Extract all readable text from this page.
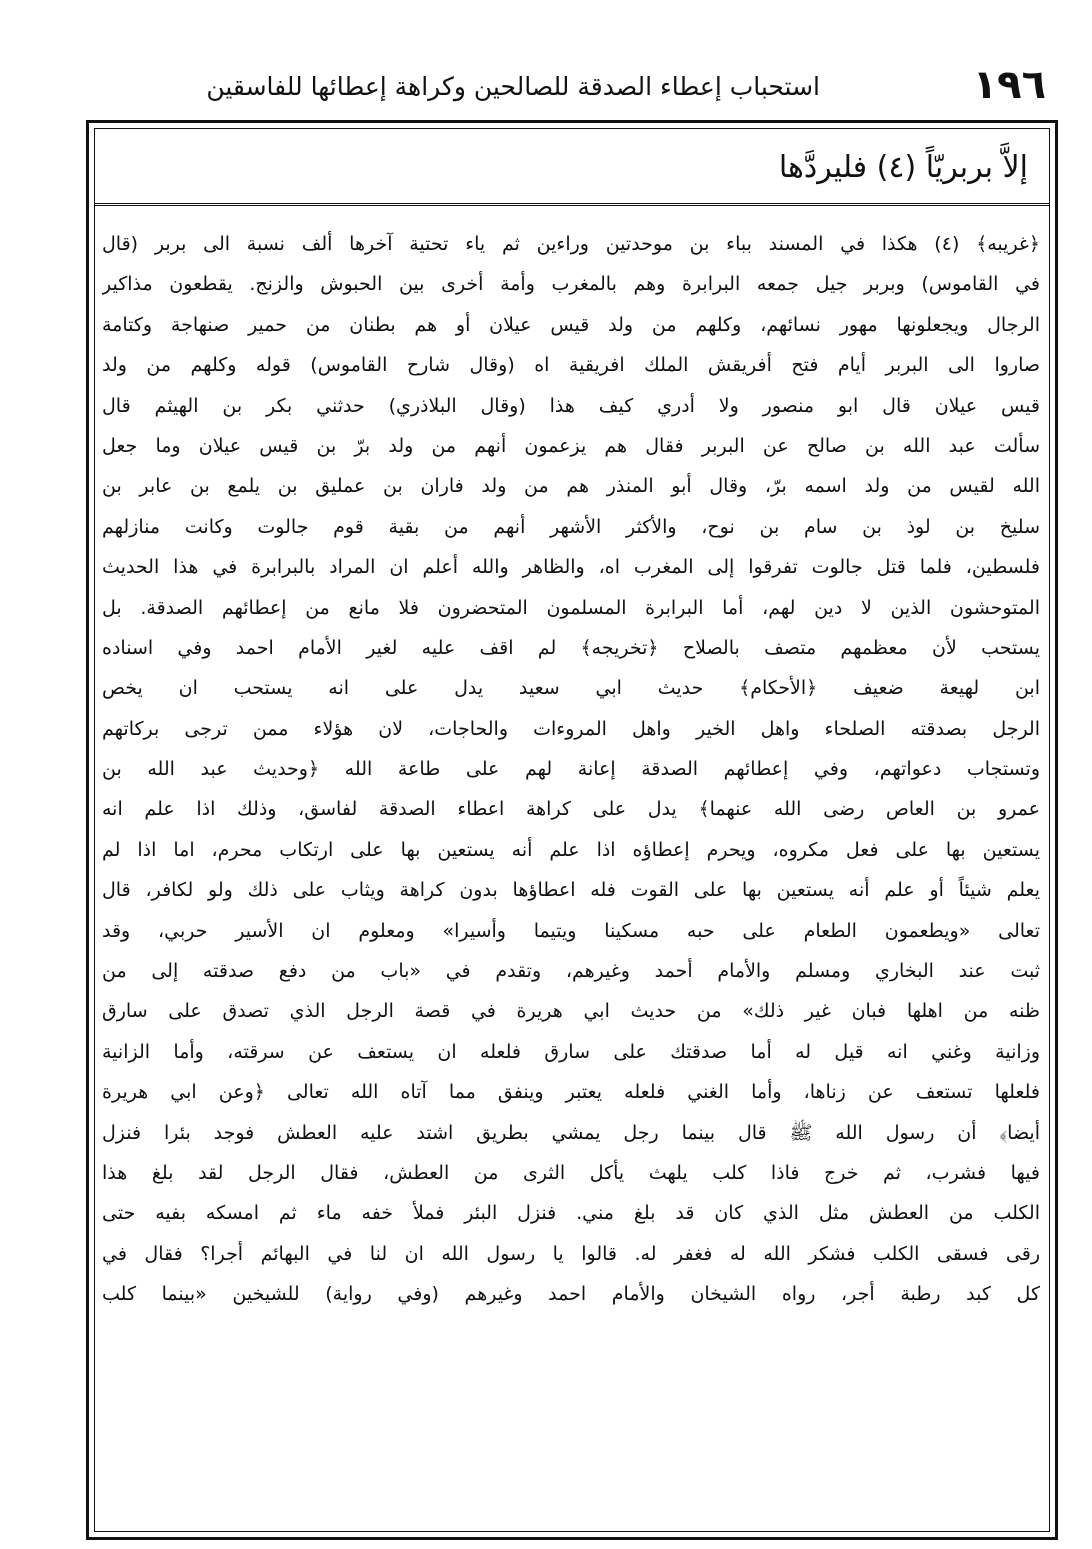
١٩٦
استحباب إعطاء الصدقة للصالحين وكراهة إعطائها للفاسقين
إلاَّ بربريّاً (٤) فليردَّها
﴿غريبه﴾ (٤) هكذا في المسند بباء بن موحدتين وراءين ثم ياء تحتية آخرها ألف نسبة الى بربر (قال
في القاموس) وبربر جيل جمعه البرابرة وهم بالمغرب وأمة أخرى بين الحبوش والزنج. يقطعون مذاكير
الرجال ويجعلونها مهور نسائهم، وكلهم من ولد قيس عيلان أو هم بطنان من حمير صنهاجة وكتامة
صاروا الى البربر أيام فتح أفريقش الملك افريقية اه (وقال شارح القاموس) قوله وكلهم من ولد
قيس عيلان قال ابو منصور ولا أدري كيف هذا (وقال البلاذري) حدثني بكر بن الهيثم قال
سألت عبد الله بن صالح عن البربر فقال هم يزعمون أنهم من ولد برّ بن قيس عيلان وما جعل
الله لقيس من ولد اسمه برّ، وقال أبو المنذر هم من ولد فاران بن عمليق بن يلمع بن عابر بن
سليخ بن لوذ بن سام بن نوح، والأكثر الأشهر أنهم من بقية قوم جالوت وكانت منازلهم
فلسطين، فلما قتل جالوت تفرقوا إلى المغرب اه، والظاهر والله أعلم ان المراد بالبرابرة في هذا الحديث
المتوحشون الذين لا دين لهم، أما البرابرة المسلمون المتحضرون فلا مانع من إعطائهم الصدقة. بل
يستحب لأن معظمهم متصف بالصلاح ﴿تخريجه﴾ لم اقف عليه لغير الأمام احمد وفي اسناده
ابن لهيعة ضعيف ﴿الأحكام﴾ حديث ابي سعيد يدل على انه يستحب ان يخص
الرجل بصدقته الصلحاء واهل الخير واهل المروءات والحاجات، لان هؤلاء ممن ترجى بركاتهم
وتستجاب دعواتهم، وفي إعطائهم الصدقة إعانة لهم على طاعة الله ﴿وحديث عبد الله بن
عمرو بن العاص رضى الله عنهما﴾ يدل على كراهة اعطاء الصدقة لفاسق، وذلك اذا علم انه
يستعين بها على فعل مكروه، ويحرم إعطاؤه اذا علم أنه يستعين بها على ارتكاب محرم، اما اذا لم
يعلم شيئاً أو علم أنه يستعين بها على القوت فله اعطاؤها بدون كراهة ويثاب على ذلك ولو لكافر، قال
تعالى «ويطعمون الطعام على حبه مسكينا ويتيما وأسيرا» ومعلوم ان الأسير حربي، وقد
ثبت عند البخاري ومسلم والأمام أحمد وغيرهم، وتقدم في «باب من دفع صدقته إلى من
ظنه من اهلها فبان غير ذلك» من حديث ابي هريرة في قصة الرجل الذي تصدق على سارق
وزانية وغني انه قيل له أما صدقتك على سارق فلعله ان يستعف عن سرقته، وأما الزانية
فلعلها تستعف عن زناها، وأما الغني فلعله يعتبر وينفق مما آتاه الله تعالى ﴿وعن ابي هريرة
أيضا﴾ أن رسول الله ﷺ قال بينما رجل يمشي بطريق اشتد عليه العطش فوجد بئرا فنزل
فيها فشرب، ثم خرج فاذا كلب يلهث يأكل الثرى من العطش، فقال الرجل لقد بلغ هذا
الكلب من العطش مثل الذي كان قد بلغ مني. فنزل البئر فملأ خفه ماء ثم امسكه بفيه حتى
رقى فسقى الكلب فشكر الله له فغفر له. قالوا يا رسول الله ان لنا في البهائم أجرا؟ فقال في
كل كبد رطبة أجر، رواه الشيخان والأمام احمد وغيرهم (وفي رواية) للشيخين «بينما كلب
